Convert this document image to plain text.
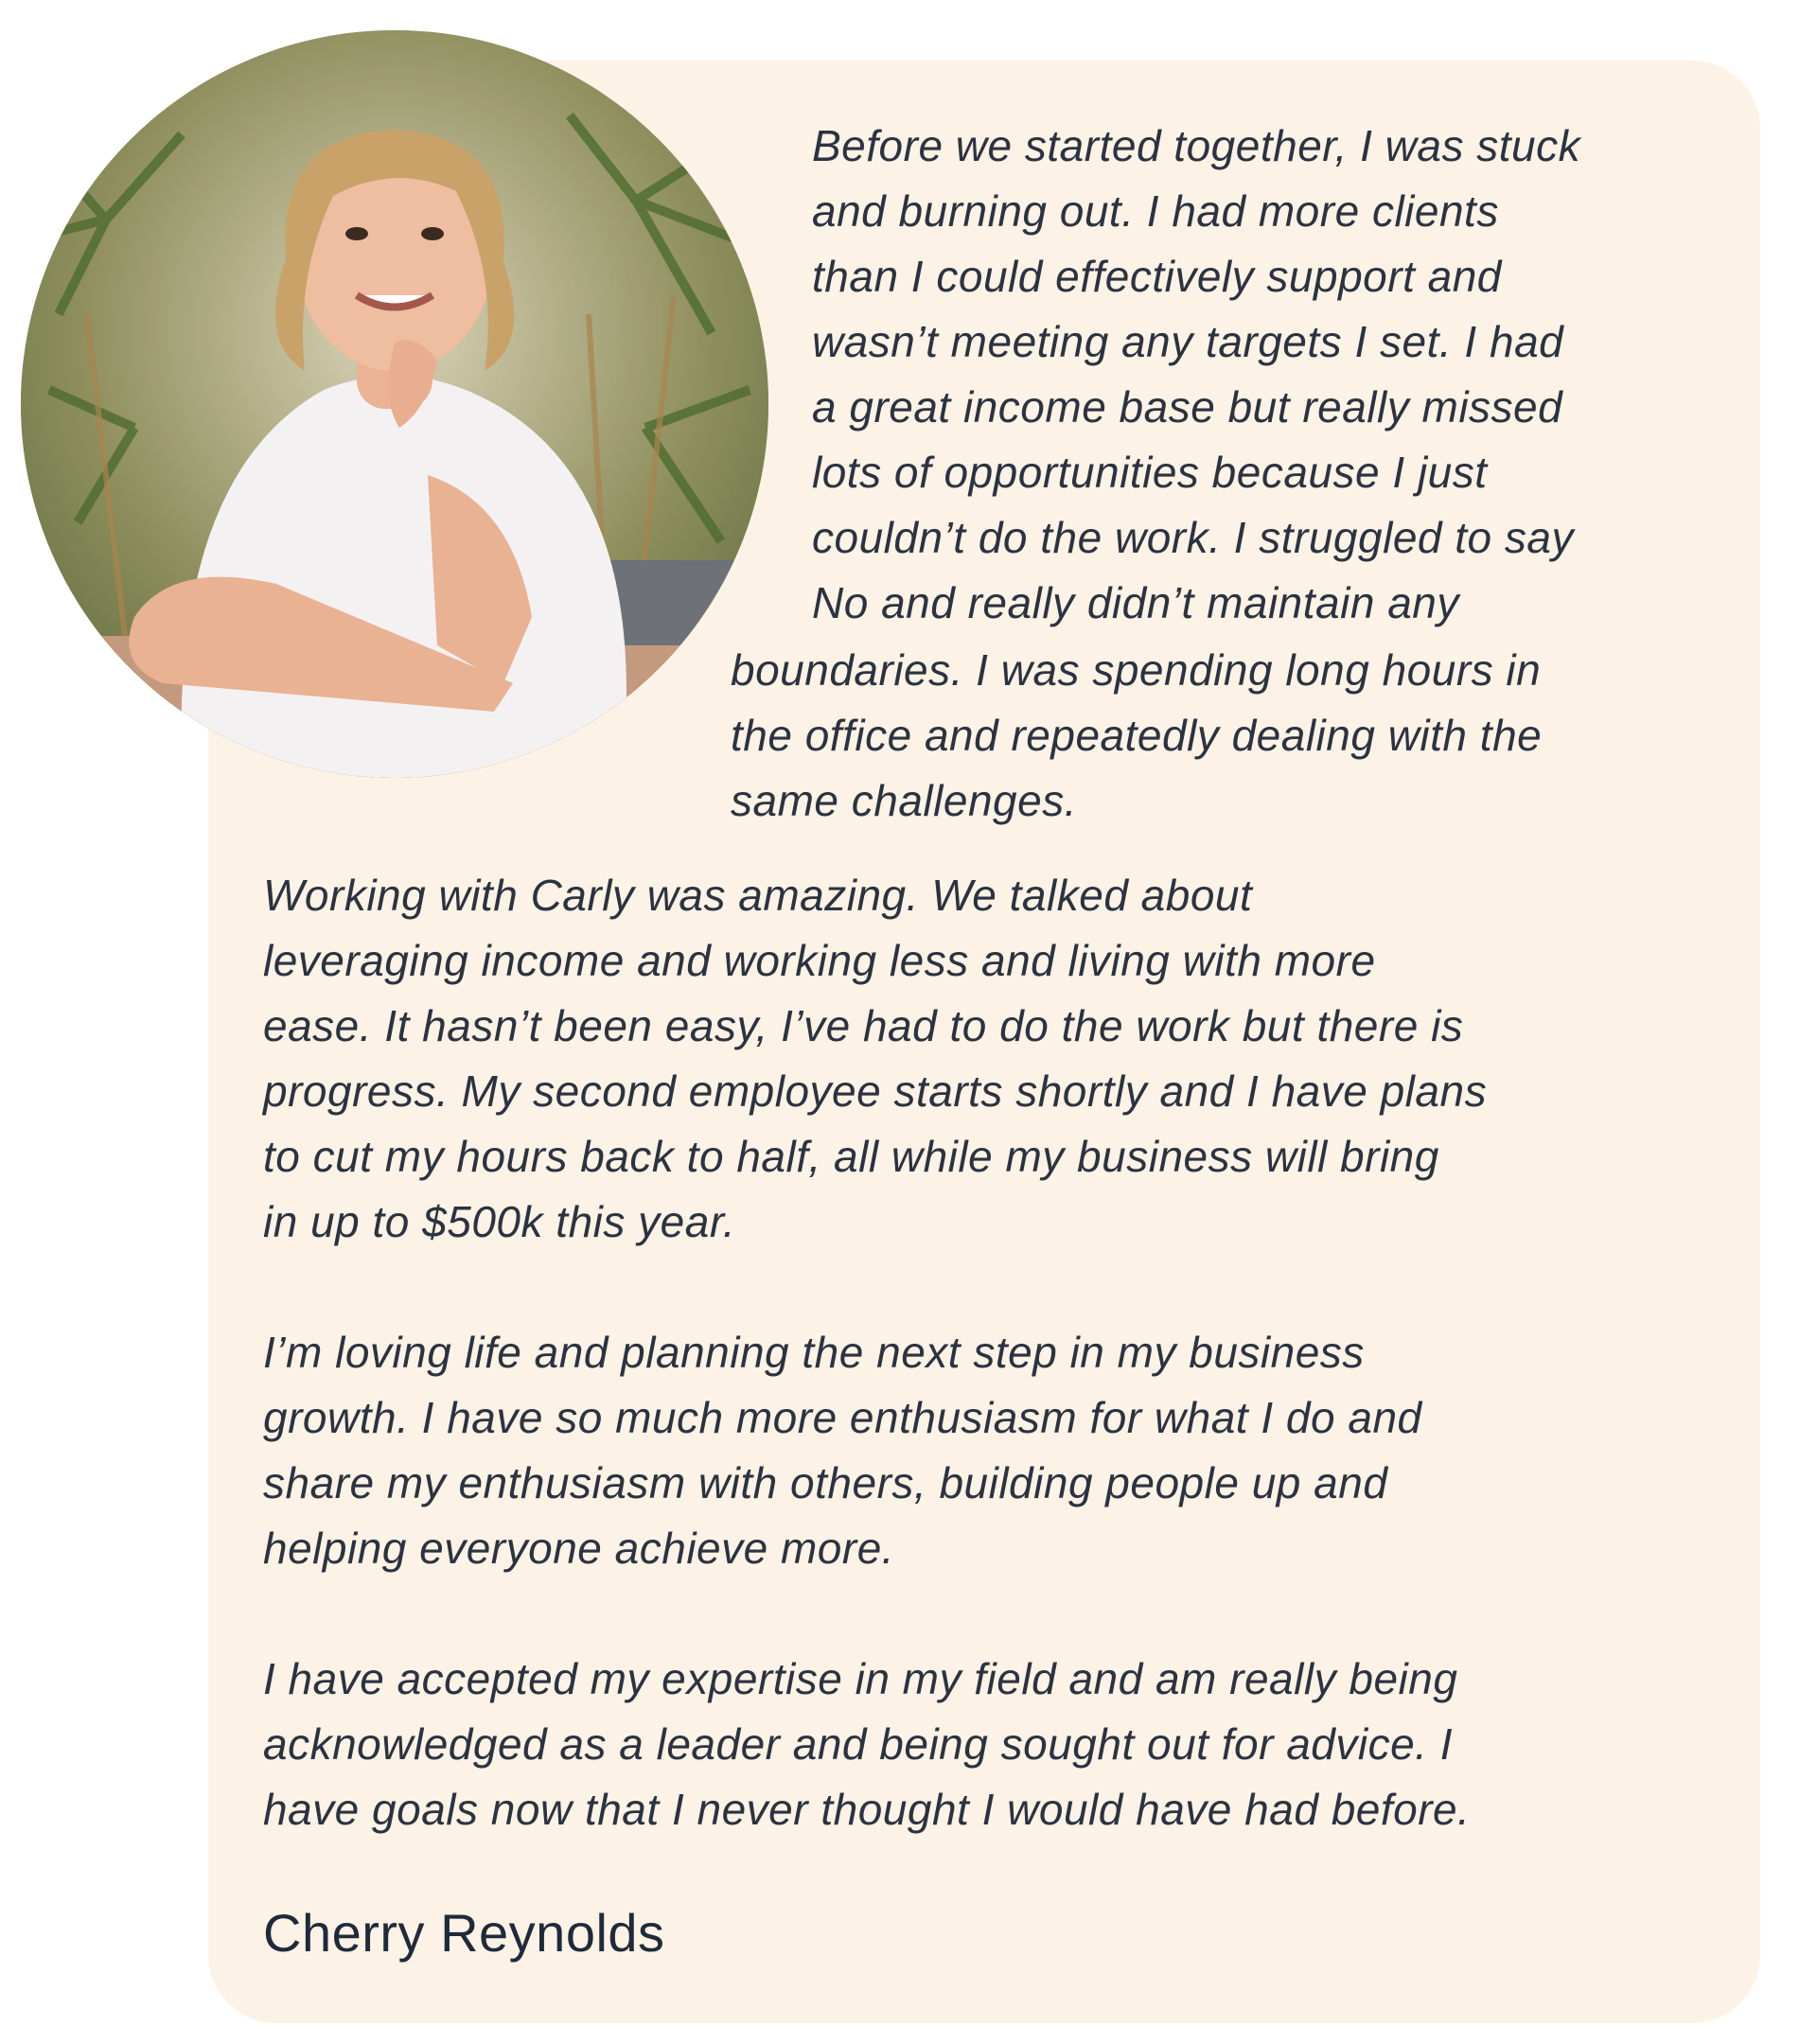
Before we started together, I was stuck
and burning out. I had more clients
than I could effectively support and
wasn’t meeting any targets I set. I had
a great income base but really missed
lots of opportunities because I just
couldn’t do the work. I struggled to say
No and really didn’t maintain any
boundaries. I was spending long hours in
the office and repeatedly dealing with the
same challenges.
Working with Carly was amazing. We talked about
leveraging income and working less and living with more
ease. It hasn’t been easy, I’ve had to do the work but there is
progress. My second employee starts shortly and I have plans
to cut my hours back to half, all while my business will bring
in up to $500k this year.
I’m loving life and planning the next step in my business
growth. I have so much more enthusiasm for what I do and
share my enthusiasm with others, building people up and
helping everyone achieve more.
I have accepted my expertise in my field and am really being
acknowledged as a leader and being sought out for advice. I
have goals now that I never thought I would have had before.
Cherry Reynolds
